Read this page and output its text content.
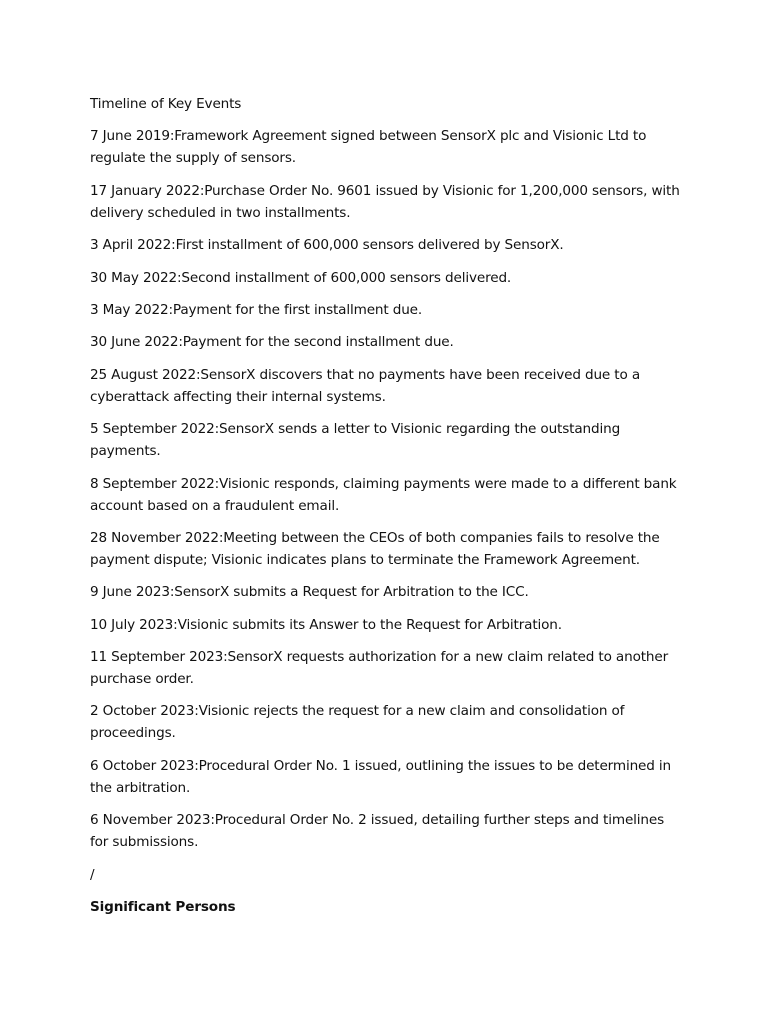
Timeline of Key Events

7 June 2019:Framework Agreement signed between SensorX plc and Visionic Ltd to regulate the supply of sensors.

17 January 2022:Purchase Order No. 9601 issued by Visionic for 1,200,000 sensors, with delivery scheduled in two installments.

3 April 2022:First installment of 600,000 sensors delivered by SensorX.

30 May 2022:Second installment of 600,000 sensors delivered.

3 May 2022:Payment for the first installment due.

30 June 2022:Payment for the second installment due.

25 August 2022:SensorX discovers that no payments have been received due to a cyberattack affecting their internal systems.

5 September 2022:SensorX sends a letter to Visionic regarding the outstanding payments.

8 September 2022:Visionic responds, claiming payments were made to a different bank account based on a fraudulent email.

28 November 2022:Meeting between the CEOs of both companies fails to resolve the payment dispute; Visionic indicates plans to terminate the Framework Agreement.

9 June 2023:SensorX submits a Request for Arbitration to the ICC.

10 July 2023:Visionic submits its Answer to the Request for Arbitration.

11 September 2023:SensorX requests authorization for a new claim related to another purchase order.

2 October 2023:Visionic rejects the request for a new claim and consolidation of proceedings.

6 October 2023:Procedural Order No. 1 issued, outlining the issues to be determined in the arbitration.

6 November 2023:Procedural Order No. 2 issued, detailing further steps and timelines for submissions.

/

Significant Persons
